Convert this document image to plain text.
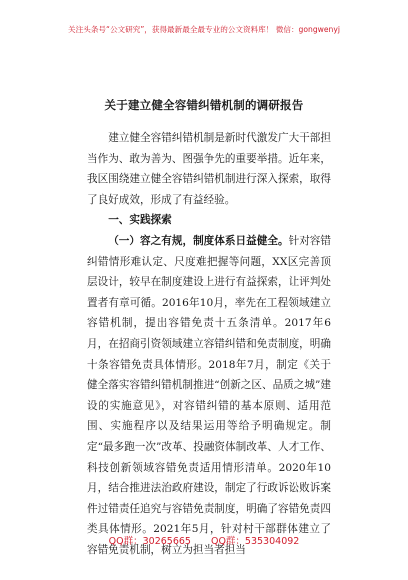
关注头条号“公文研究”，获得最新最全最专业的公文资料库！ 微信：gongwenyj
关于建立健全容错纠错机制的调研报告

建立健全容错纠错机制是新时代激发广大干部担当作为、敢为善为、图强争先的重要举措。近年来，我区围绕建立健全容错纠错机制进行深入探索，取得了良好成效，形成了有益经验。

一、实践探索

（一）容之有规，制度体系日益健全。针对容错纠错情形难认定、尺度难把握等问题，XX区完善顶层设计，较早在制度建设上进行有益探索，让评判处置者有章可循。2016年10月，率先在工程领域建立容错机制，提出容错免责十五条清单。2017年6月，在招商引资领域建立容错纠错和免责制度，明确十条容错免责具体情形。2018年7月，制定《关于健全落实容错纠错机制推进“创新之区、品质之城”建设的实施意见》，对容错纠错的基本原则、适用范围、实施程序以及结果运用等给予明确规定。制定“最多跑一次”改革、投融资体制改革、人才工作、科技创新领域容错免责适用情形清单。2020年10月，结合推进法治政府建设，制定了行政诉讼败诉案件过错责任追究与容错免责制度，明确了容错免责四类具体情形。2021年5月，针对村干部群体建立了容错免责机制，树立为担当者担当

QQ群：30265665 QQ群：535304092
